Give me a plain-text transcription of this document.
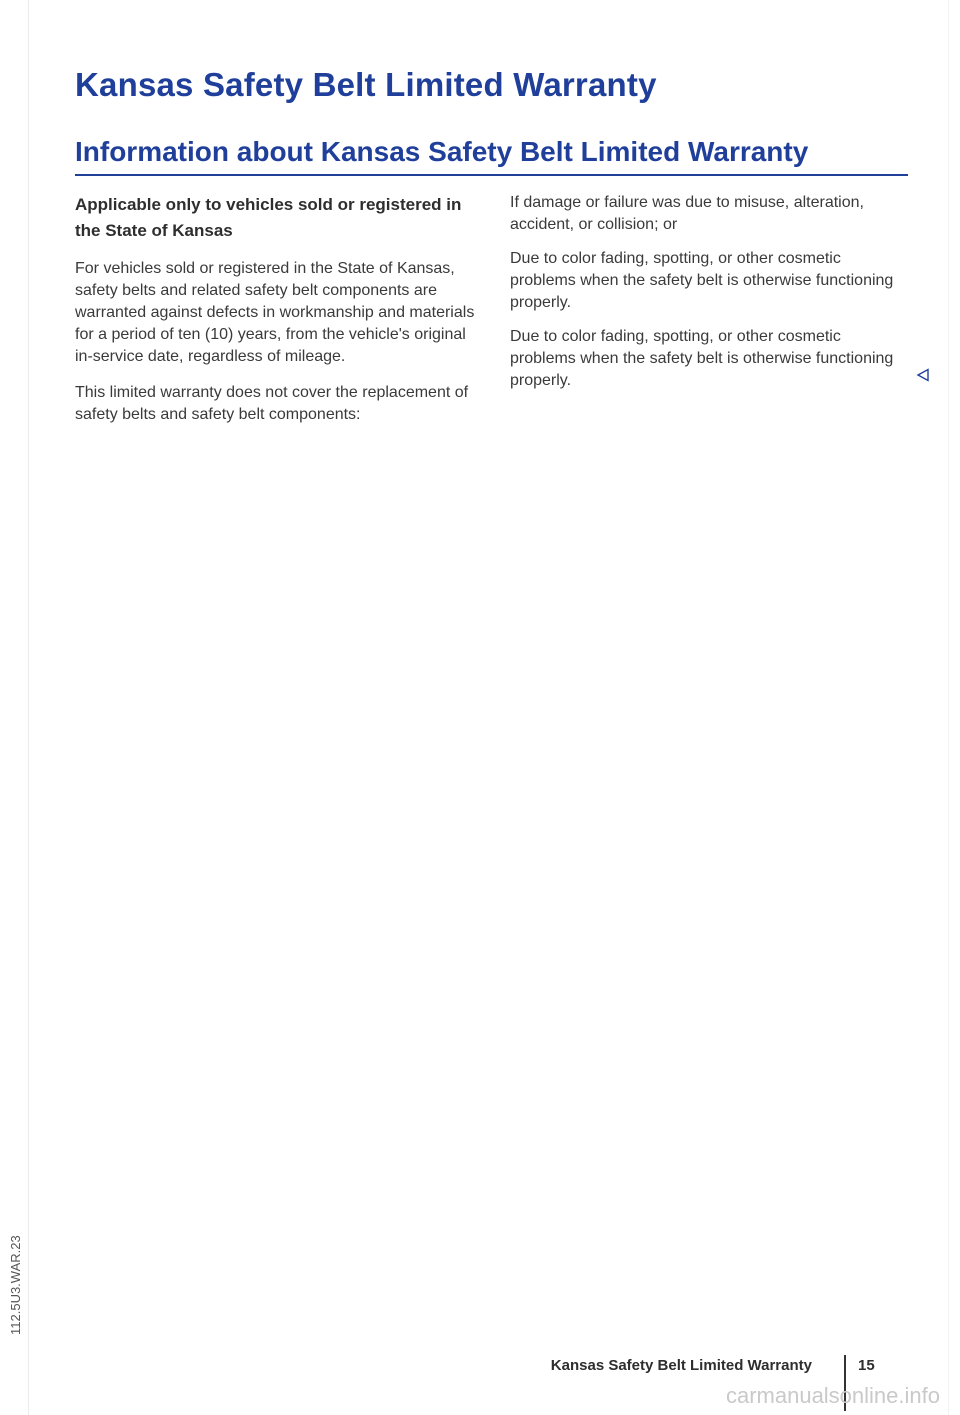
112.5U3.WAR.23
Kansas Safety Belt Limited Warranty
Information about Kansas Safety Belt Limited Warranty

Applicable only to vehicles sold or registered in the State of Kansas

For vehicles sold or registered in the State of Kansas, safety belts and related safety belt components are warranted against defects in workmanship and materials for a period of ten (10) years, from the vehicle's original in-service date, regardless of mileage.

This limited warranty does not cover the replacement of safety belts and safety belt components:

If damage or failure was due to misuse, alteration, accident, or collision; or

Due to color fading, spotting, or other cosmetic problems when the safety belt is otherwise functioning properly.

Due to color fading, spotting, or other cosmetic problems when the safety belt is otherwise functioning properly.

Kansas Safety Belt Limited Warranty	15
carmanualsonline.info
